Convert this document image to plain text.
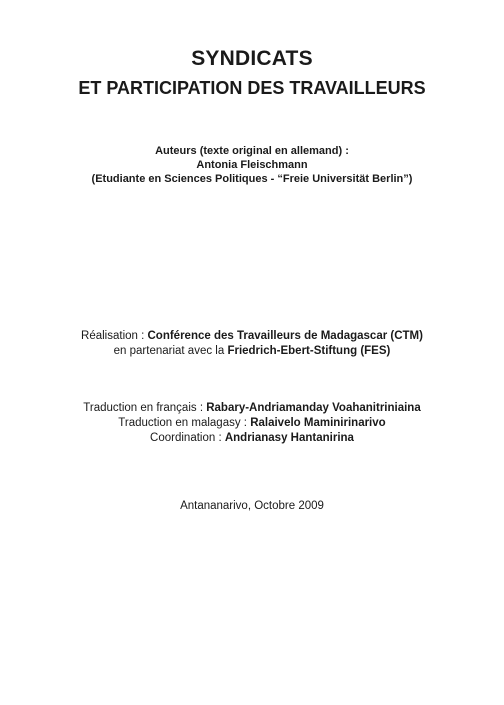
SYNDICATS
ET PARTICIPATION DES TRAVAILLEURS
Auteurs (texte original en allemand) :
Antonia Fleischmann
(Etudiante en Sciences Politiques - “Freie Universität Berlin”)
Réalisation : Conférence des Travailleurs de Madagascar (CTM)
en partenariat avec la Friedrich-Ebert-Stiftung (FES)
Traduction en français : Rabary-Andriamanday Voahanitriniaina
Traduction en malagasy : Ralaivelo Maminirinarivo
Coordination : Andrianasy Hantanirina
Antananarivo, Octobre 2009
